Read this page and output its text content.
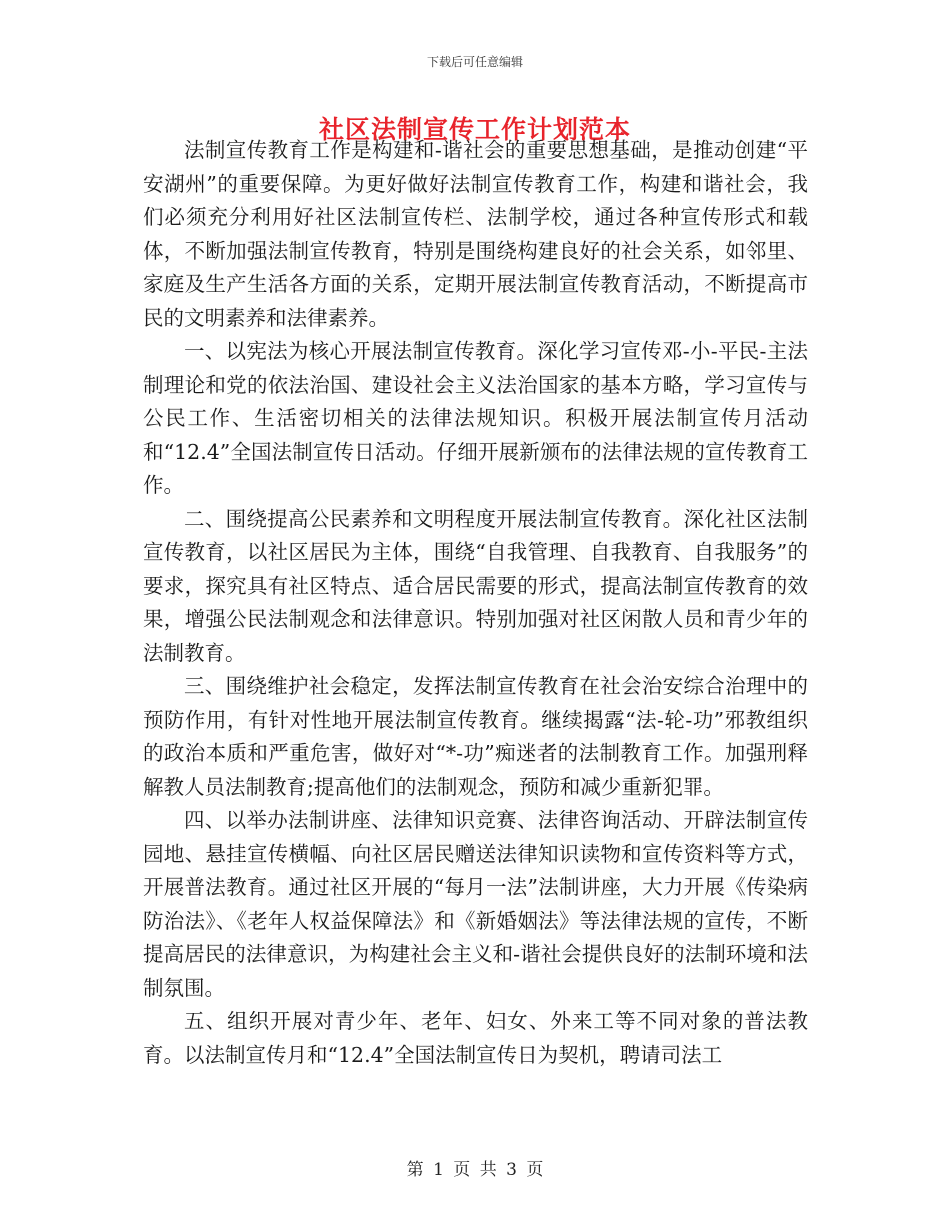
下载后可任意编辑
社区法制宣传工作计划范本

法制宣传教育工作是构建和-谐社会的重要思想基础，是推动创建“平安湖州”的重要保障。为更好做好法制宣传教育工作，构建和谐社会，我们必须充分利用好社区法制宣传栏、法制学校，通过各种宣传形式和载体，不断加强法制宣传教育，特别是围绕构建良好的社会关系，如邻里、家庭及生产生活各方面的关系，定期开展法制宣传教育活动，不断提高市民的文明素养和法律素养。

一、以宪法为核心开展法制宣传教育。深化学习宣传邓-小-平民-主法制理论和党的依法治国、建设社会主义法治国家的基本方略，学习宣传与公民工作、生活密切相关的法律法规知识。积极开展法制宣传月活动和“12.4”全国法制宣传日活动。仔细开展新颁布的法律法规的宣传教育工作。

二、围绕提高公民素养和文明程度开展法制宣传教育。深化社区法制宣传教育，以社区居民为主体，围绕“自我管理、自我教育、自我服务”的要求，探究具有社区特点、适合居民需要的形式，提高法制宣传教育的效果，增强公民法制观念和法律意识。特别加强对社区闲散人员和青少年的法制教育。

三、围绕维护社会稳定，发挥法制宣传教育在社会治安综合治理中的预防作用，有针对性地开展法制宣传教育。继续揭露“法-轮-功”邪教组织的政治本质和严重危害，做好对“*-功”痴迷者的法制教育工作。加强刑释解教人员法制教育;提高他们的法制观念，预防和减少重新犯罪。

四、以举办法制讲座、法律知识竞赛、法律咨询活动、开辟法制宣传园地、悬挂宣传横幅、向社区居民赠送法律知识读物和宣传资料等方式，开展普法教育。通过社区开展的“每月一法”法制讲座，大力开展《传染病防治法》、《老年人权益保障法》和《新婚姻法》等法律法规的宣传，不断提高居民的法律意识，为构建社会主义和-谐社会提供良好的法制环境和法制氛围。

五、组织开展对青少年、老年、妇女、外来工等不同对象的普法教育。以法制宣传月和“12.4”全国法制宣传日为契机，聘请司法工

第 1 页 共 3 页
